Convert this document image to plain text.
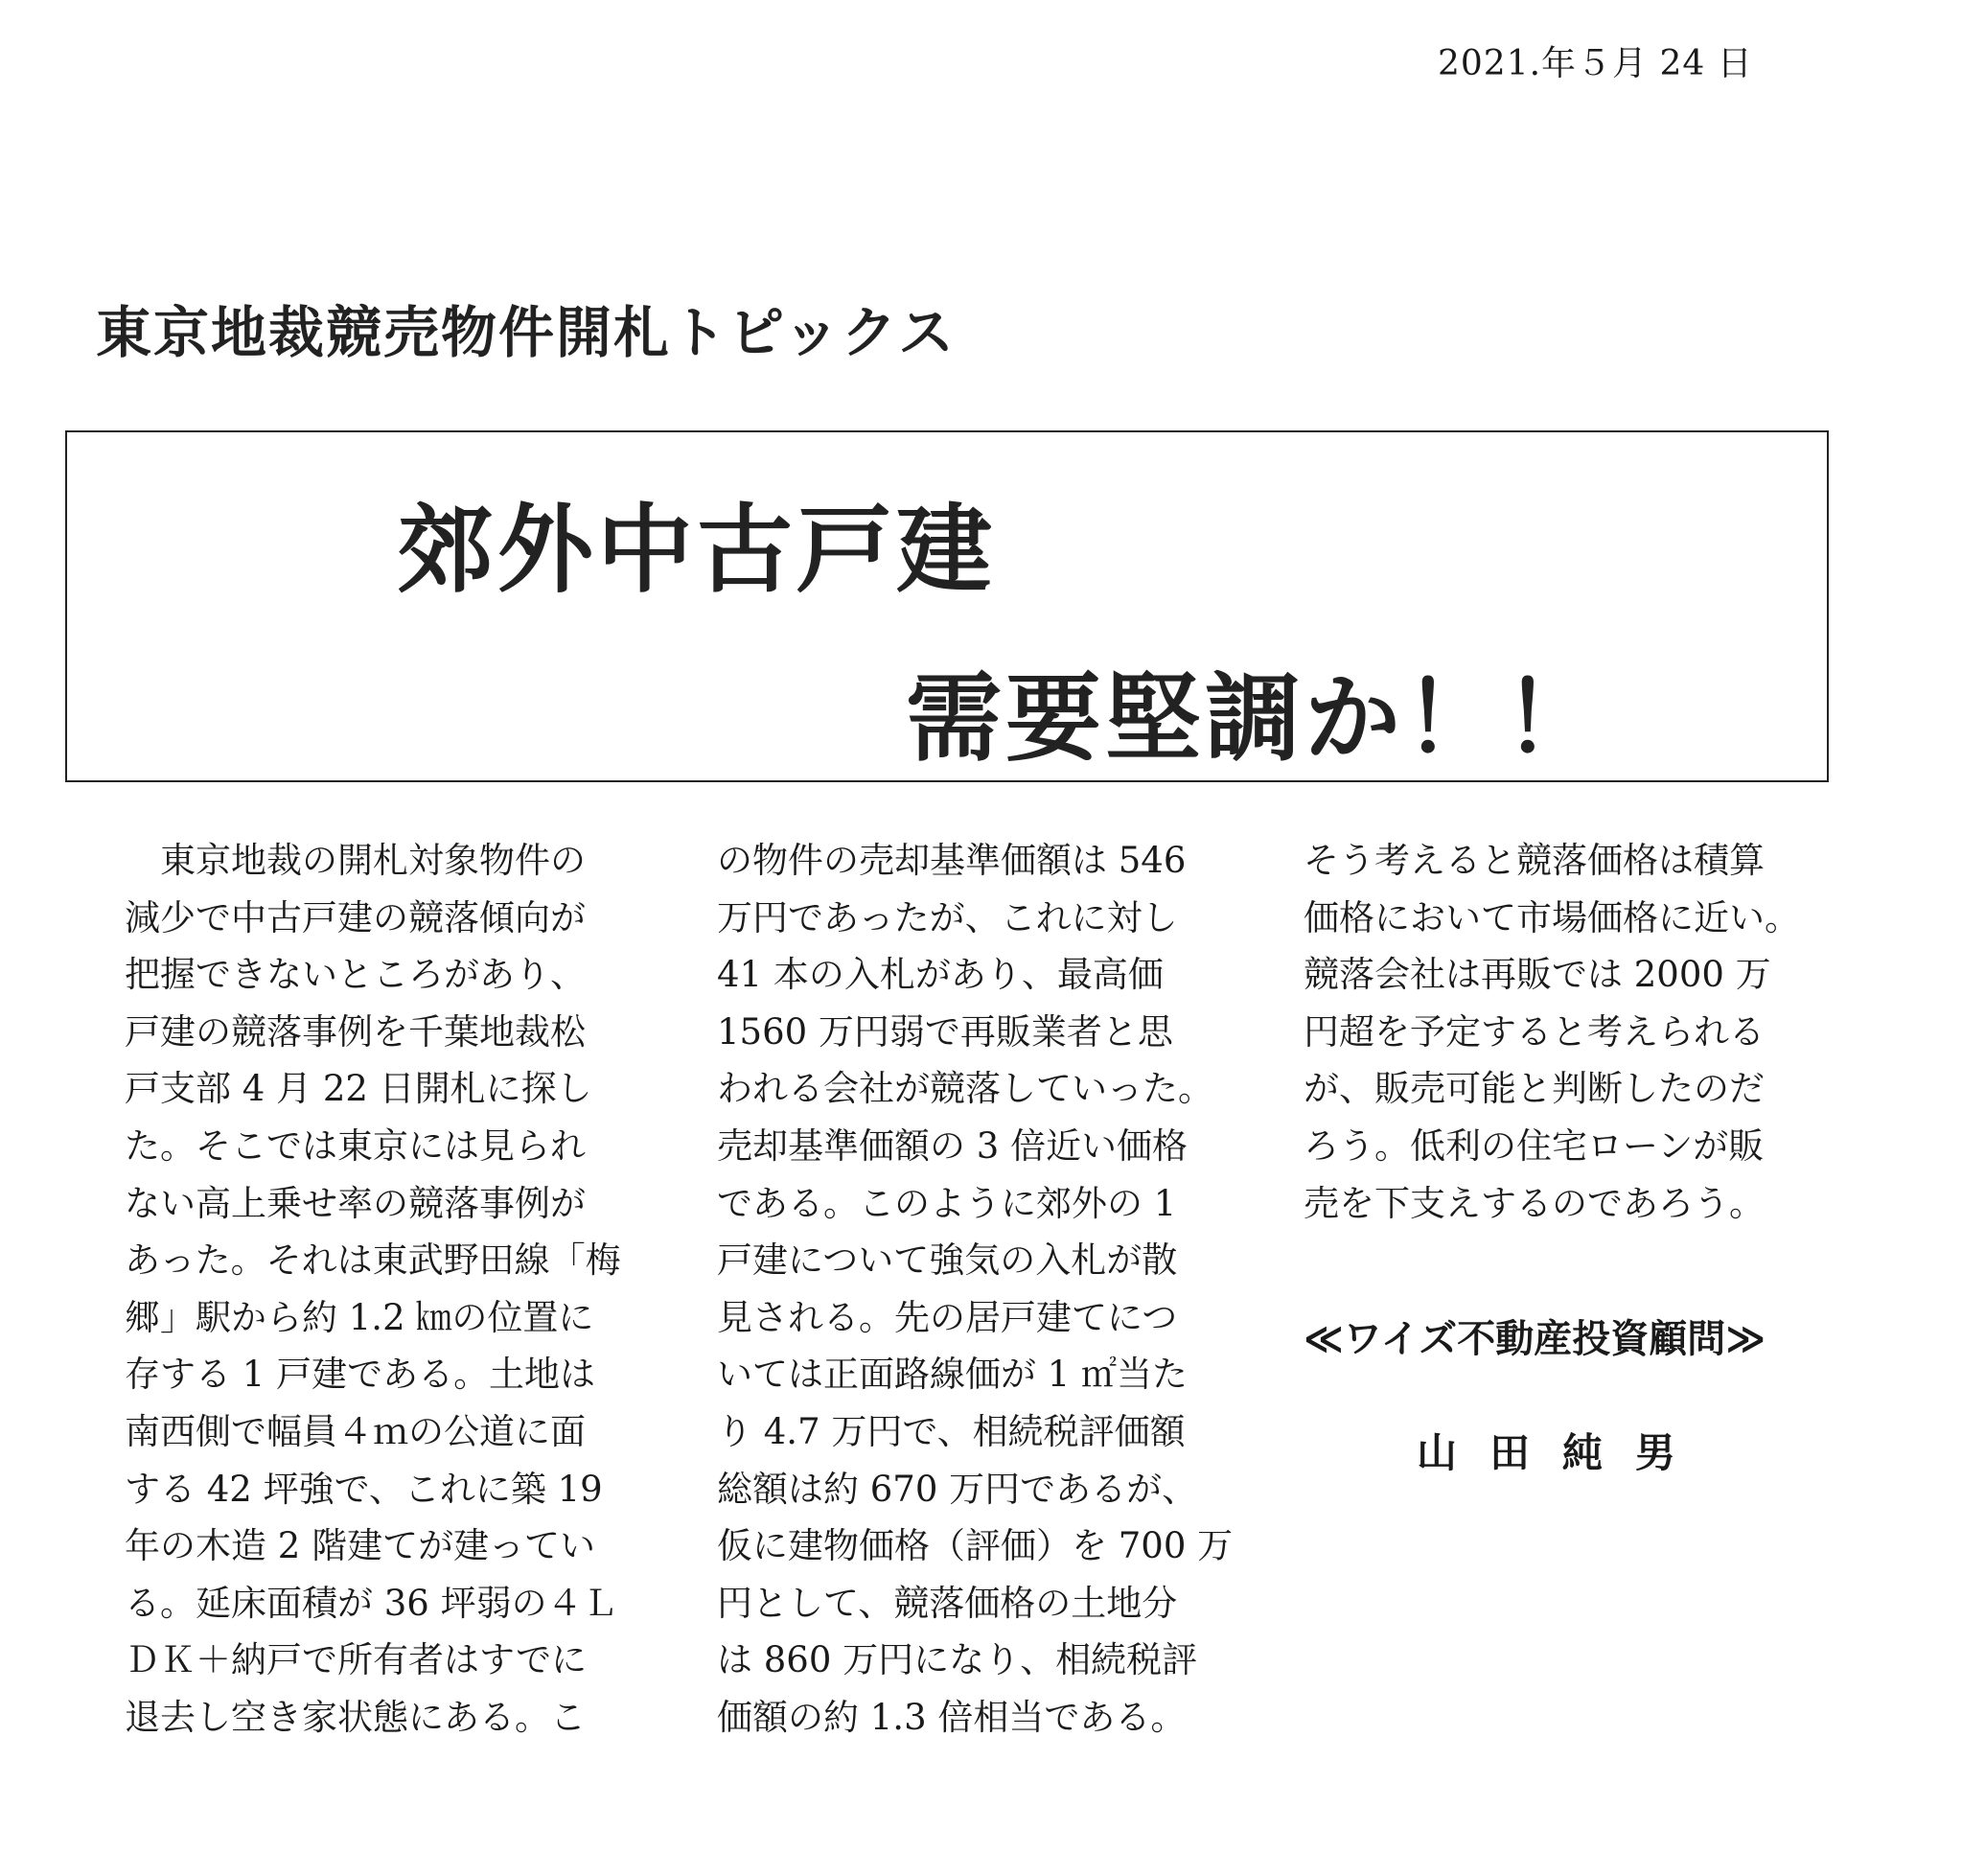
2021.年５月 24 日
東京地裁競売物件開札トピックス
郊外中古戸建
需要堅調か！！
　東京地裁の開札対象物件の
減少で中古戸建の競落傾向が
把握できないところがあり、
戸建の競落事例を千葉地裁松
戸支部 4 月 22 日開札に探し
た。そこでは東京には見られ
ない高上乗せ率の競落事例が
あった。それは東武野田線「梅
郷」駅から約 1.2 ㎞の位置に
存する 1 戸建である。土地は
南西側で幅員４ｍの公道に面
する 42 坪強で、これに築 19
年の木造 2 階建てが建ってい
る。延床面積が 36 坪弱の４Ｌ
ＤＫ＋納戸で所有者はすでに
退去し空き家状態にある。こ
の物件の売却基準価額は 546
万円であったが、これに対し
41 本の入札があり、最高価
1560 万円弱で再販業者と思
われる会社が競落していった。
売却基準価額の 3 倍近い価格
である。このように郊外の 1
戸建について強気の入札が散
見される。先の居戸建てにつ
いては正面路線価が 1 ㎡当た
り 4.7 万円で、相続税評価額
総額は約 670 万円であるが、
仮に建物価格（評価）を 700 万
円として、競落価格の土地分
は 860 万円になり、相続税評
価額の約 1.3 倍相当である。
そう考えると競落価格は積算
価格において市場価格に近い。
競落会社は再販では 2000 万
円超を予定すると考えられる
が、販売可能と判断したのだ
ろう。低利の住宅ローンが販
売を下支えするのであろう。
≪ワイズ不動産投資顧問≫
山田純男
